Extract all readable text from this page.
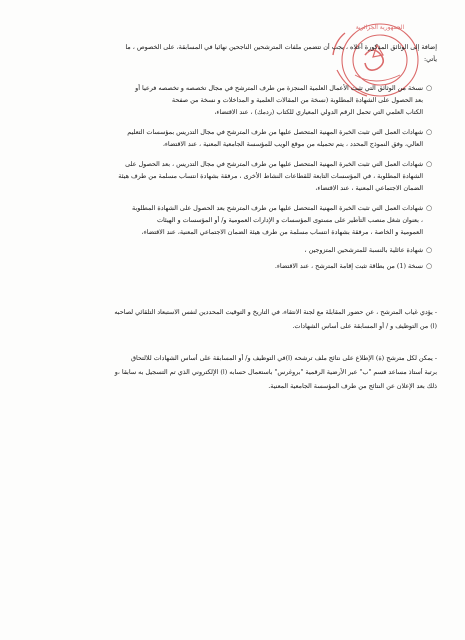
الجمهورية الجزائرية
إضافة إلى الوثائق المذكورة أعلاه ، يجب أن تتضمن ملفات المترشحين الناجحين نهائيا في المسابقة، على الخصوص ، ما
يأتي:
○
نسخة من الوثائق التي تثبت الأعمال العلمية المنجزة من طرف المترشح في مجال تخصصه و تخصصه فرعيا أو
بعد الحصول على الشهادة المطلوبة (نسخة من المقالات العلمية و المداخلات و نسخة من صفحة
الكتاب العلمي التي تحمل الرقم الدولي المعياري للكتاب (ردمك) ، عند الاقتضاء،
○
شهادات العمل التي تثبت الخبرة المهنية المتحصل عليها من طرف المترشح في مجال التدريس بمؤسسات التعليم
العالي، وفق النموذج المحدد ، يتم تحميله من موقع الويب للمؤسسة الجامعية المعنية ، عند الاقتضاء،
○
شهادات العمل التي تثبت الخبرة المهنية المتحصل عليها من طرف المترشح في مجال التدريس ، بعد الحصول على
الشهادة المطلوبة ، في المؤسسات التابعة للقطاعات النشاط الأخرى ، مرفقة بشهادة انتساب مسلمة من طرف هيئة
الضمان الاجتماعي المعنية ، عند الاقتضاء،
○
شهادات العمل التي تثبت الخبرة المهنية المتحصل عليها من طرف المترشح بعد الحصول على الشهادة المطلوبة
، بعنوان شغل منصب التأطير على مستوى المؤسسات و الإدارات العمومية و/ أو المؤسسات و الهيئات
العمومية و الخاصة ، مرفقة بشهادة انتساب مسلمة من طرف هيئة الضمان الاجتماعي المعنية، عند الاقتضاء،
○
شهادة عائلية بالنسبة للمترشحين المتزوجين ،
○
نسخة (1) من بطاقة تثبت إقامة المترشح ، عند الاقتضاء.
- يؤدي غياب المترشح ، عن حضور المقابلة مع لجنة الانتقاء، في التاريخ و التوقيت المحددين لنفس الاستبعاد التلقائي لصاحبه
(ا) من التوظيف و / أو المسابقة على أساس الشهادات.
- يمكن لكل مترشح (ة) الإطلاع على نتائج ملف ترشحه (ا)في التوظيف و/ أو المسابقة على أساس الشهادات للالتحاق
برتبة أستاذ مساعد قسم "ب" عبر الأرضية الرقمية "بروغرس" باستعمال حسابه (ا) الإلكتروني الذي تم التسجيل به سابقا ،و
ذلك بعد الإعلان عن النتائج من طرف المؤسسة الجامعية المعنية.
